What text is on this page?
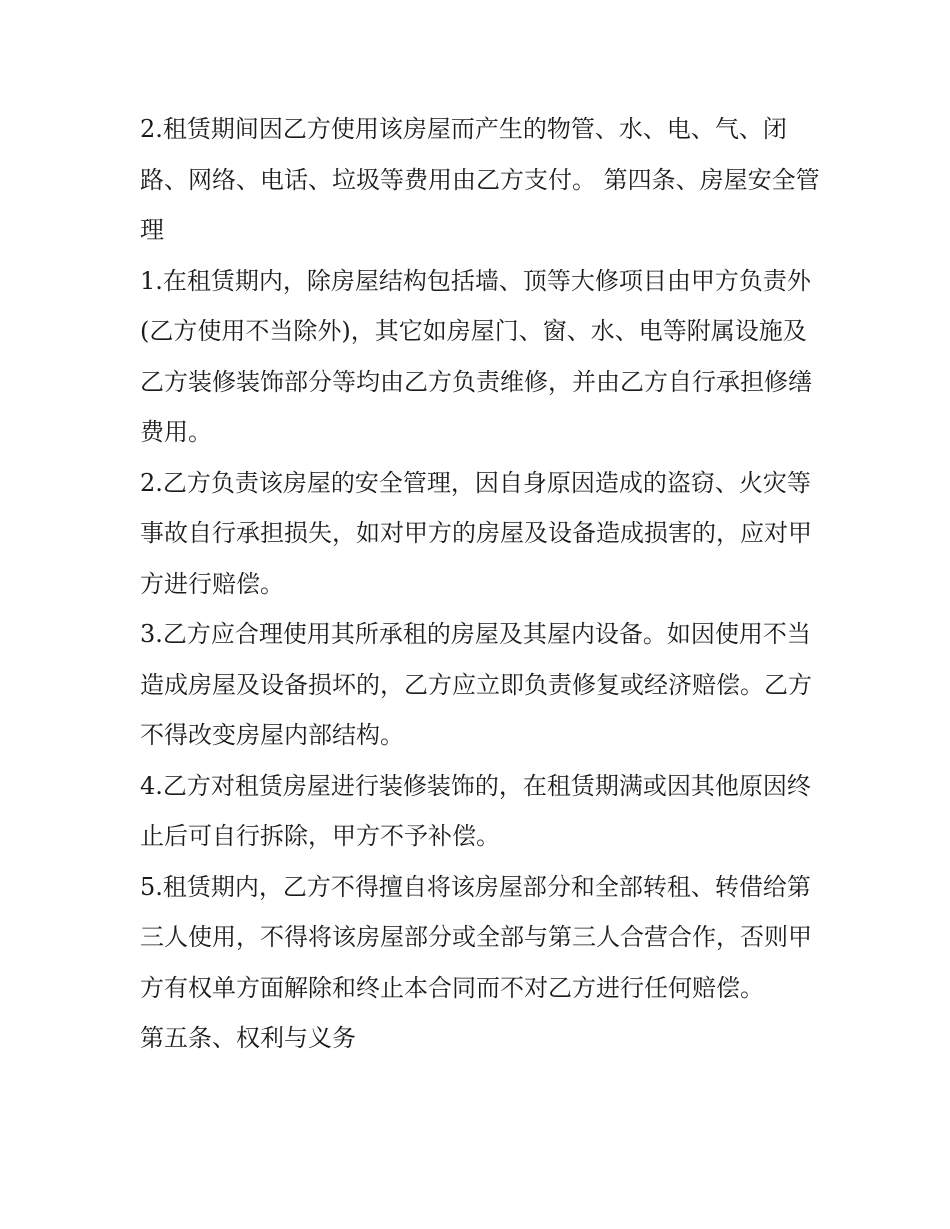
2.租赁期间因乙方使用该房屋而产生的物管、水、电、气、闭路、网络、电话、垃圾等费用由乙方支付。 第四条、房屋安全管理

1.在租赁期内，除房屋结构包括墙、顶等大修项目由甲方负责外(乙方使用不当除外)，其它如房屋门、窗、水、电等附属设施及乙方装修装饰部分等均由乙方负责维修，并由乙方自行承担修缮费用。

2.乙方负责该房屋的安全管理，因自身原因造成的盗窃、火灾等事故自行承担损失，如对甲方的房屋及设备造成损害的，应对甲方进行赔偿。

3.乙方应合理使用其所承租的房屋及其屋内设备。如因使用不当造成房屋及设备损坏的，乙方应立即负责修复或经济赔偿。乙方不得改变房屋内部结构。

4.乙方对租赁房屋进行装修装饰的，在租赁期满或因其他原因终止后可自行拆除，甲方不予补偿。

5.租赁期内，乙方不得擅自将该房屋部分和全部转租、转借给第三人使用，不得将该房屋部分或全部与第三人合营合作，否则甲方有权单方面解除和终止本合同而不对乙方进行任何赔偿。

第五条、权利与义务
